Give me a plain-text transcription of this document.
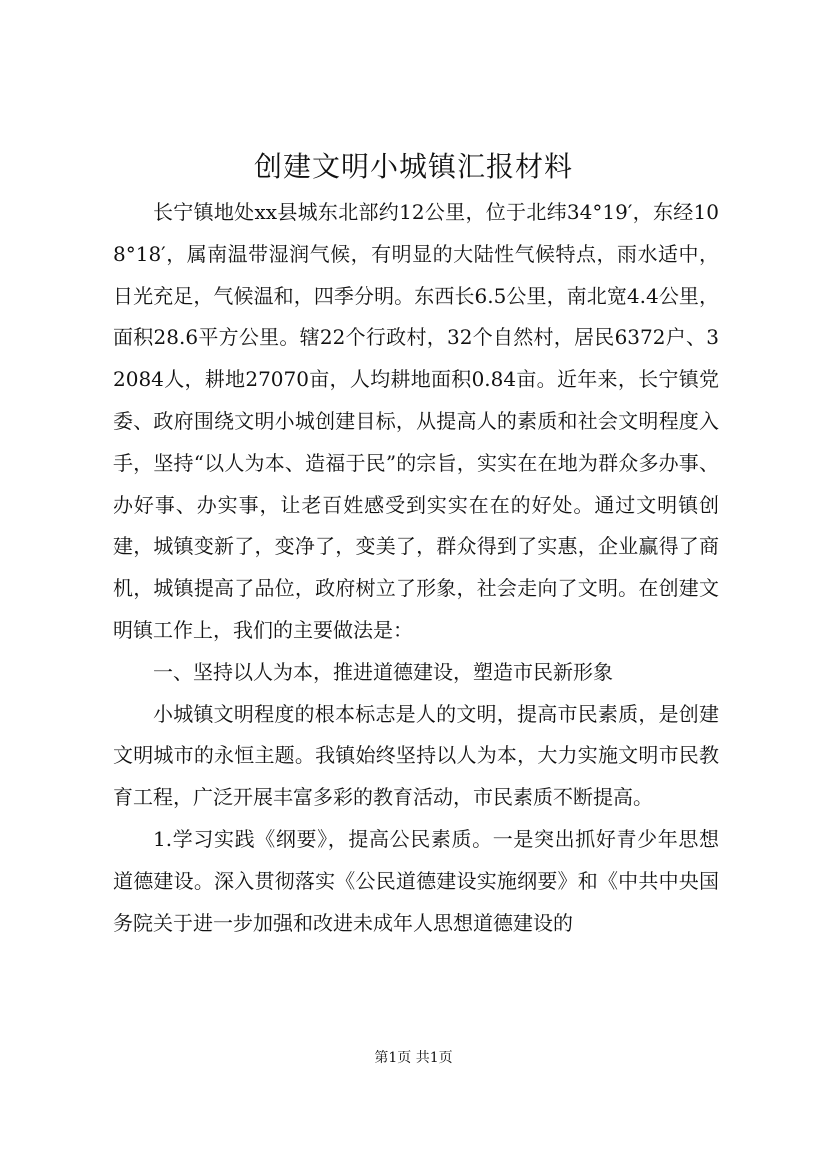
创建文明小城镇汇报材料

长宁镇地处xx县城东北部约12公里，位于北纬34°19′，东经108°18′，属南温带湿润气候，有明显的大陆性气候特点，雨水适中，日光充足，气候温和，四季分明。东西长6.5公里，南北宽4.4公里，面积28.6平方公里。辖22个行政村，32个自然村，居民6372户、32084人，耕地27070亩，人均耕地面积0.84亩。近年来，长宁镇党委、政府围绕文明小城创建目标，从提高人的素质和社会文明程度入手，坚持“以人为本、造福于民”的宗旨，实实在在地为群众多办事、办好事、办实事，让老百姓感受到实实在在的好处。通过文明镇创建，城镇变新了，变净了，变美了，群众得到了实惠，企业赢得了商机，城镇提高了品位，政府树立了形象，社会走向了文明。在创建文明镇工作上，我们的主要做法是：

一、坚持以人为本，推进道德建设，塑造市民新形象

小城镇文明程度的根本标志是人的文明，提高市民素质，是创建文明城市的永恒主题。我镇始终坚持以人为本，大力实施文明市民教育工程，广泛开展丰富多彩的教育活动，市民素质不断提高。

1.学习实践《纲要》，提高公民素质。一是突出抓好青少年思想道德建设。深入贯彻落实《公民道德建设实施纲要》和《中共中央国务院关于进一步加强和改进未成年人思想道德建设的

第1页 共1页
